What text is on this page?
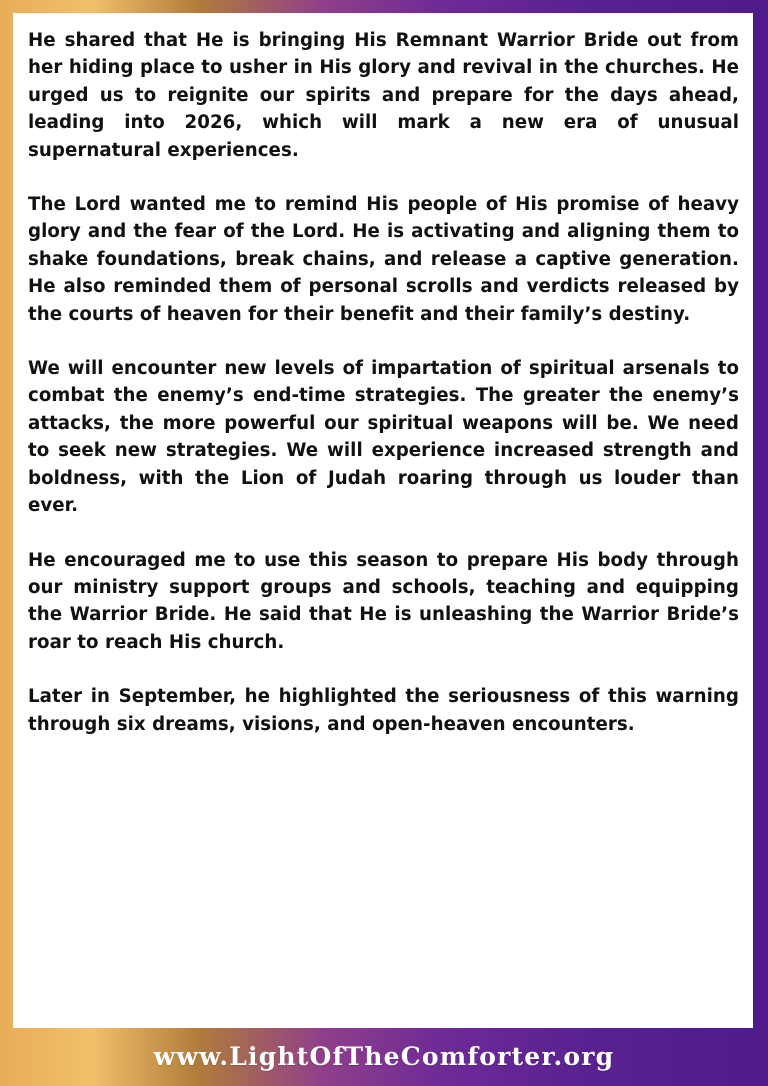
He shared that He is bringing His Remnant Warrior Bride out from her hiding place to usher in His glory and revival in the churches. He urged us to reignite our spirits and prepare for the days ahead, leading into 2026, which will mark a new era of unusual supernatural experiences.

The Lord wanted me to remind His people of His promise of heavy glory and the fear of the Lord. He is activating and aligning them to shake foundations, break chains, and release a captive generation. He also reminded them of personal scrolls and verdicts released by the courts of heaven for their benefit and their family’s destiny.

We will encounter new levels of impartation of spiritual arsenals to combat the enemy’s end-time strategies. The greater the enemy’s attacks, the more powerful our spiritual weapons will be. We need to seek new strategies. We will experience increased strength and boldness, with the Lion of Judah roaring through us louder than ever.

He encouraged me to use this season to prepare His body through our ministry support groups and schools, teaching and equipping the Warrior Bride. He said that He is unleashing the Warrior Bride’s roar to reach His church.

Later in September, he highlighted the seriousness of this warning through six dreams, visions, and open-heaven encounters.

www.LightOfTheComforter.org
